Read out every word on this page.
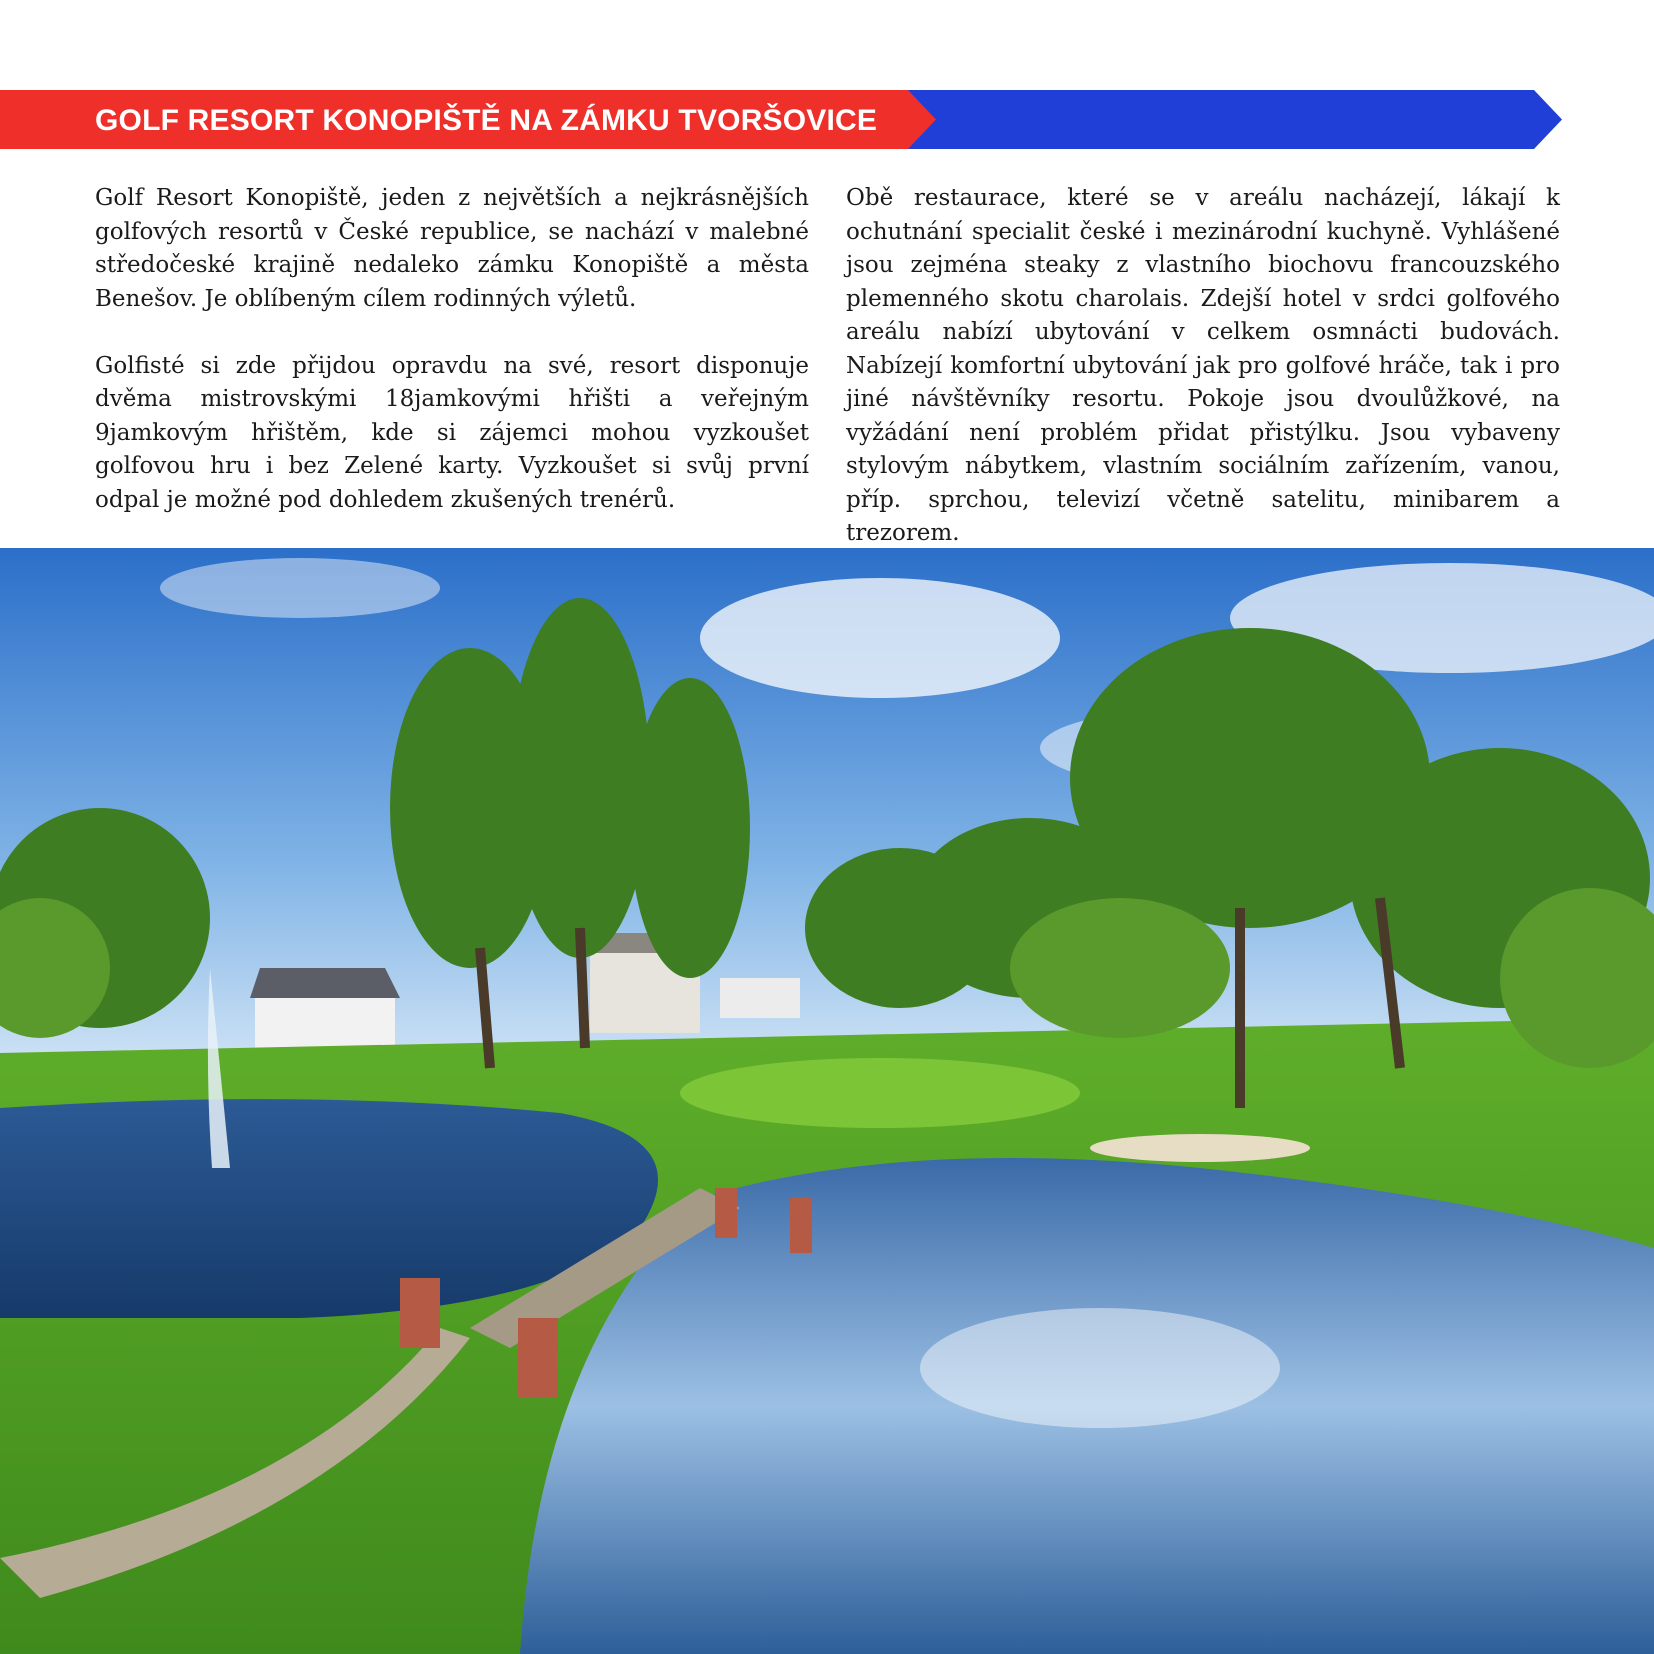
GOLF RESORT KONOPIŠTĚ NA ZÁMKU TVORŠOVICE

Golf Resort Konopiště, jeden z největších a nejkrásnějších golfových resortů v České republice, se nachází v malebné středočeské krajině nedaleko zámku Konopiště a města Benešov. Je oblíbeným cílem rodinných výletů.

Golfisté si zde přijdou opravdu na své, resort disponuje dvěma mistrovskými 18jamkovými hřišti a veřejným 9jamkovým hřištěm, kde si zájemci mohou vyzkoušet golfovou hru i bez Zelené karty. Vyzkoušet si svůj první odpal je možné pod dohledem zkušených trenérů.

Obě restaurace, které se v areálu nacházejí, lákají k ochutnání specialit české i mezinárodní kuchyně. Vyhlášené jsou zejména steaky z vlastního biochovu francouzského plemenného skotu charolais. Zdejší hotel v srdci golfového areálu nabízí ubytování v celkem osmnácti budovách. Nabízejí komfortní ubytování jak pro golfové hráče, tak i pro jiné návštěvníky resortu. Pokoje jsou dvoulůžkové, na vyžádání není problém přidat přistýlku. Jsou vybaveny stylovým nábytkem, vlastním sociálním zařízením, vanou, příp. sprchou, televizí včetně satelitu, minibarem a trezorem.
